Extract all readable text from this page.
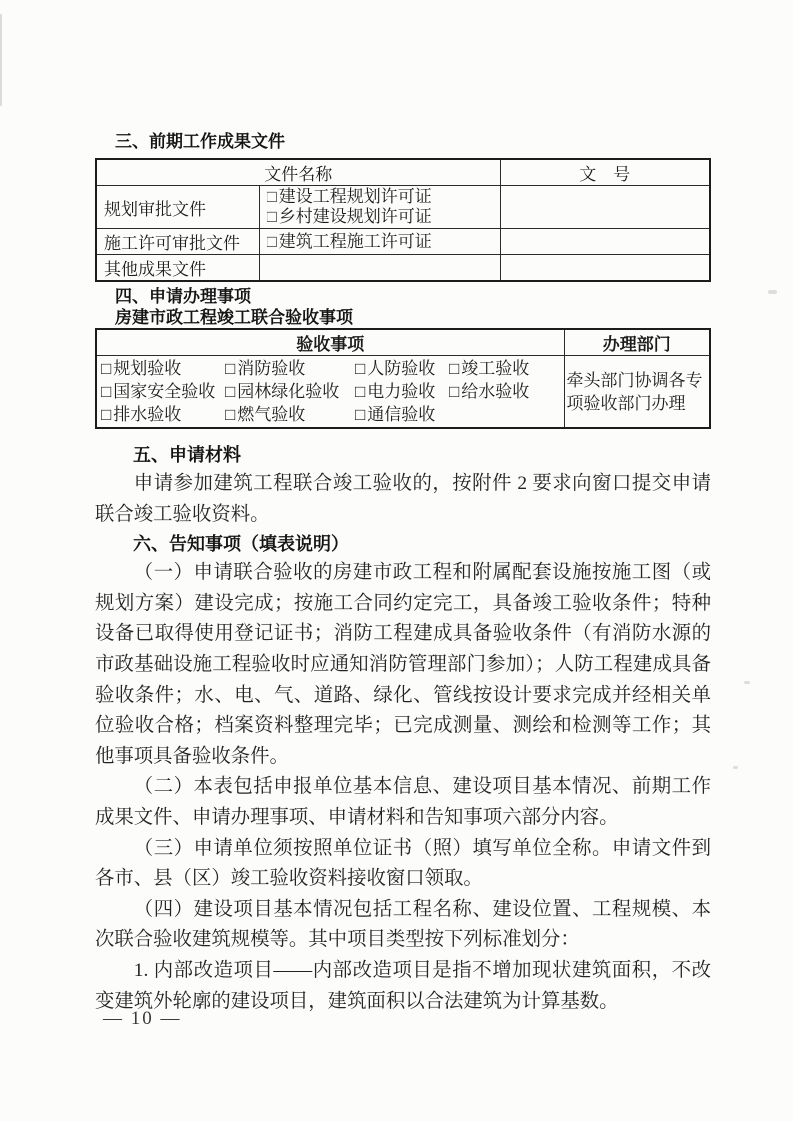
三、前期工作成果文件
文件名称		文　号
规划审批文件	□ 建设工程规划许可证
□ 乡村建设规划许可证	

施工许可审批文件	□ 建筑工程施工许可证	

其他成果文件		
四、申请办理事项
房建市政工程竣工联合验收事项
验收事项	办理部门

□ 规划验收	□ 消防验收	□ 人防验收 □ 竣工验收
□ 国家安全验收 □ 园林绿化验收 □ 电力验收 □ 给水验收
□ 排水验收	□ 燃气验收	□ 通信验收
	牵头部门协调各专项验收部门办理
五、申请材料
申请参加建筑工程联合竣工验收的，按附件 2 要求向窗口提交申请联合竣工验收资料。
六、告知事项（填表说明）
（一）申请联合验收的房建市政工程和附属配套设施按施工图（或规划方案）建设完成；按施工合同约定完工，具备竣工验收条件；特种设备已取得使用登记证书；消防工程建成具备验收条件（有消防水源的市政基础设施工程验收时应通知消防管理部门参加）；人防工程建成具备验收条件；水、电、气、道路、绿化、管线按设计要求完成并经相关单位验收合格；档案资料整理完毕；已完成测量、测绘和检测等工作；其他事项具备验收条件。
（二）本表包括申报单位基本信息、建设项目基本情况、前期工作成果文件、申请办理事项、申请材料和告知事项六部分内容。
（三）申请单位须按照单位证书（照）填写单位全称。申请文件到各市、县（区）竣工验收资料接收窗口领取。
（四）建设项目基本情况包括工程名称、建设位置、工程规模、本次联合验收建筑规模等。其中项目类型按下列标准划分：
1. 内部改造项目——内部改造项目是指不增加现状建筑面积，不改变建筑外轮廓的建设项目，建筑面积以合法建筑为计算基数。
— 10 —
